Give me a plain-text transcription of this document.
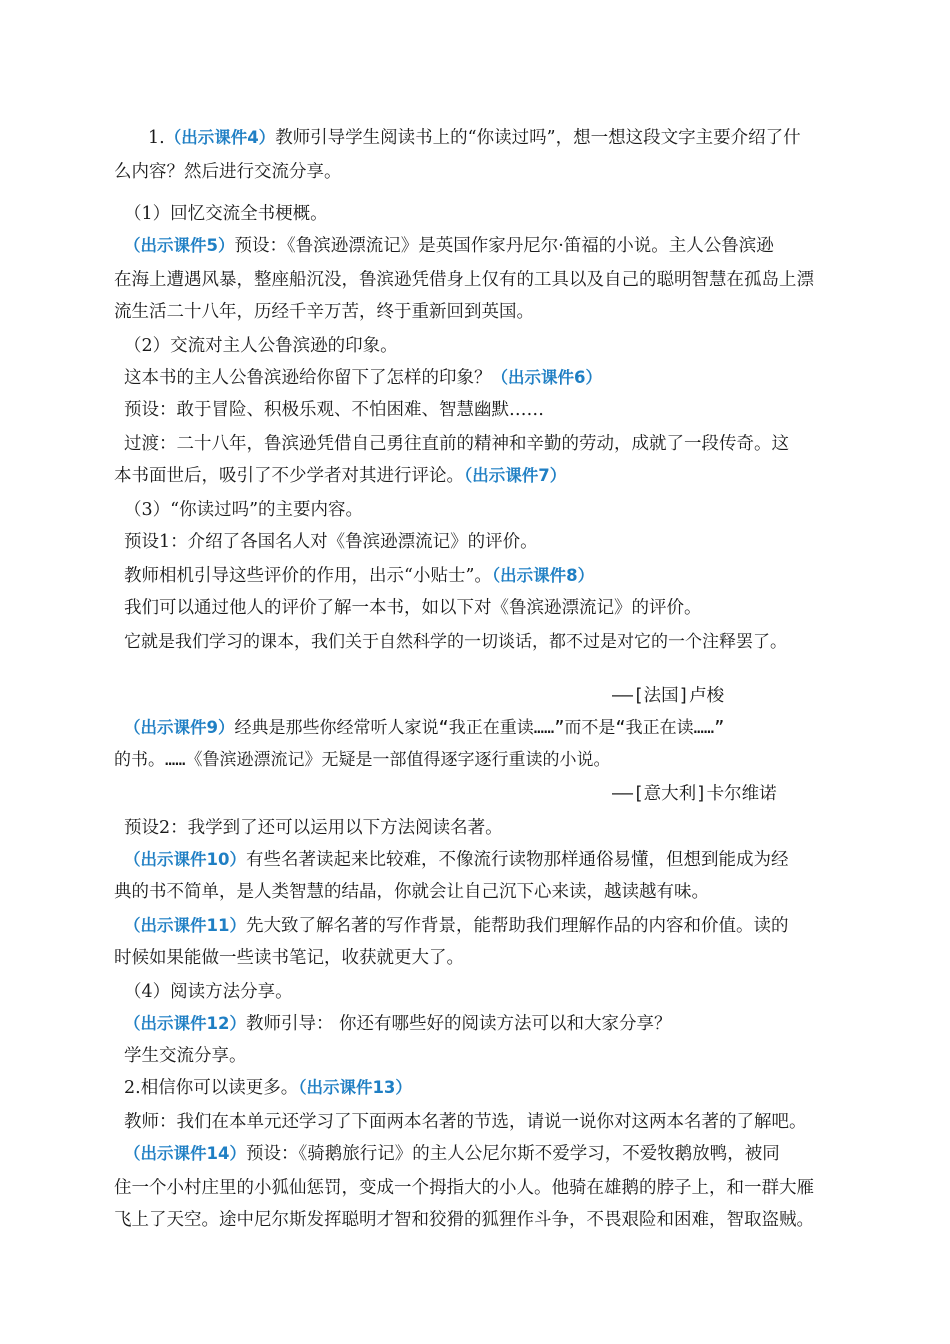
1.（出示课件4）教师引导学生阅读书上的“你读过吗”，想一想这段文字主要介绍了什
么内容？然后进行交流分享。
（1）回忆交流全书梗概。
（出示课件5）预设：《鲁滨逊漂流记》是英国作家丹尼尔·笛福的小说。主人公鲁滨逊
在海上遭遇风暴，整座船沉没，鲁滨逊凭借身上仅有的工具以及自己的聪明智慧在孤岛上漂
流生活二十八年，历经千辛万苦，终于重新回到英国。
（2）交流对主人公鲁滨逊的印象。
这本书的主人公鲁滨逊给你留下了怎样的印象？（出示课件6）
预设：敢于冒险、积极乐观、不怕困难、智慧幽默……
过渡：二十八年，鲁滨逊凭借自己勇往直前的精神和辛勤的劳动，成就了一段传奇。这
本书面世后，吸引了不少学者对其进行评论。（出示课件7）
（3）“你读过吗”的主要内容。
预设1：介绍了各国名人对《鲁滨逊漂流记》的评价。
教师相机引导这些评价的作用，出示“小贴士”。（出示课件8）
我们可以通过他人的评价了解一本书，如以下对《鲁滨逊漂流记》的评价。
它就是我们学习的课本，我们关于自然科学的一切谈话，都不过是对它的一个注释罢了。
——[法国]卢梭
（出示课件9）经典是那些你经常听人家说“我正在重读……”而不是“我正在读……”
的书。……《鲁滨逊漂流记》无疑是一部值得逐字逐行重读的小说。
——[意大利]卡尔维诺
预设2：我学到了还可以运用以下方法阅读名著。
（出示课件10）有些名著读起来比较难，不像流行读物那样通俗易懂，但想到能成为经
典的书不简单，是人类智慧的结晶，你就会让自己沉下心来读，越读越有味。
（出示课件11）先大致了解名著的写作背景，能帮助我们理解作品的内容和价值。读的
时候如果能做一些读书笔记，收获就更大了。
（4）阅读方法分享。
（出示课件12）教师引导： 你还有哪些好的阅读方法可以和大家分享？
学生交流分享。
2.相信你可以读更多。（出示课件13）
教师：我们在本单元还学习了下面两本名著的节选，请说一说你对这两本名著的了解吧。
（出示课件14）预设：《骑鹅旅行记》的主人公尼尔斯不爱学习，不爱牧鹅放鸭，被同
住一个小村庄里的小狐仙惩罚，变成一个拇指大的小人。他骑在雄鹅的脖子上，和一群大雁
飞上了天空。途中尼尔斯发挥聪明才智和狡猾的狐狸作斗争，不畏艰险和困难，智取盗贼。
